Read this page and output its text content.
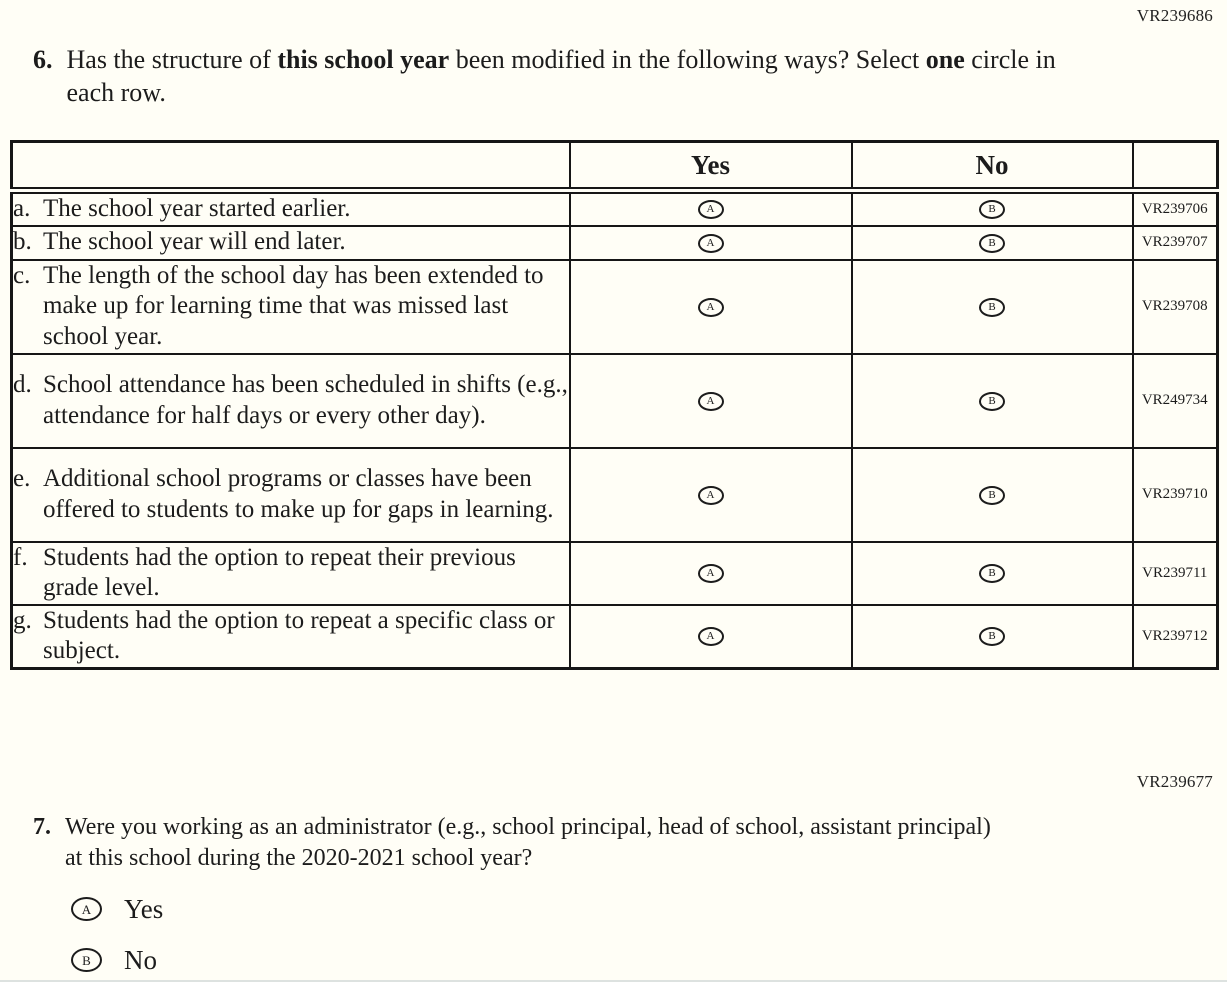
VR239686
6. Has the structure of this school year been modified in the following ways? Select one circle in each row.
	Yes	No	

a. The school year started earlier.	A	B	VR239706

b. The school year will end later.	A	B	VR239707

c. The length of the school day has been extended to make up for learning time that was missed last school year.	A	B	VR239708

d. School attendance has been scheduled in shifts (e.g., attendance for half days or every other day).	A	B	VR249734

e. Additional school programs or classes have been offered to students to make up for gaps in learning.	A	B	VR239710

f. Students had the option to repeat their previous grade level.	A	B	VR239711

g. Students had the option to repeat a specific class or subject.	A	B	VR239712
VR239677
7. Were you working as an administrator (e.g., school principal, head of school, assistant principal)
at this school during the 2020-2021 school year?
A	Yes
B	No
